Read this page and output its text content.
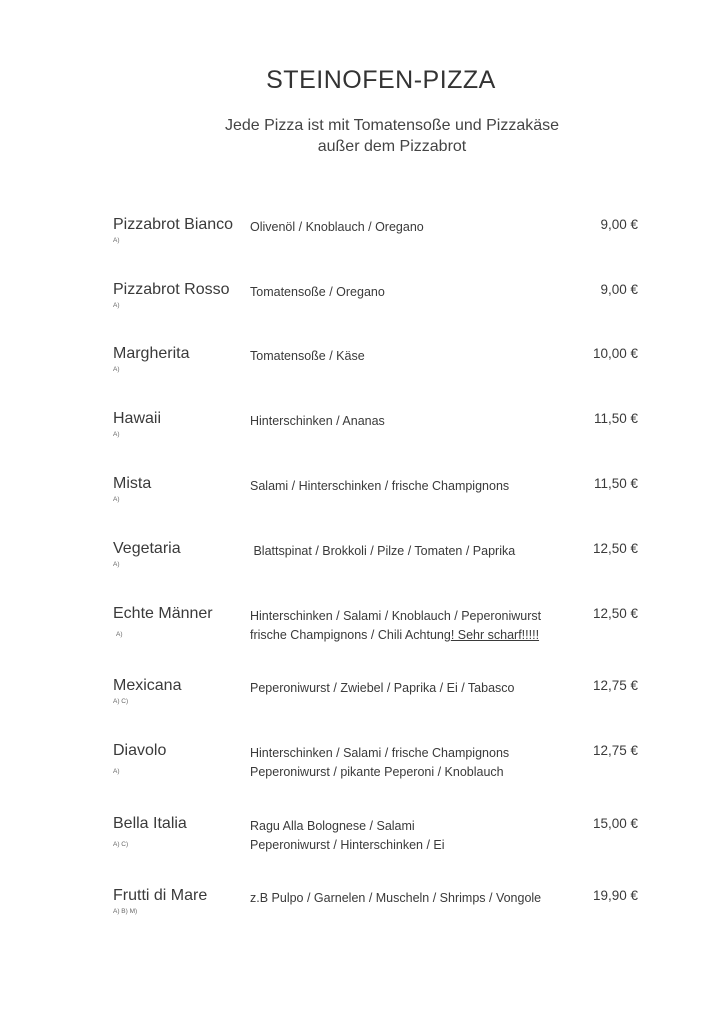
STEINOFEN-PIZZA
Jede Pizza ist mit Tomatensoße und Pizzakäse
außer dem Pizzabrot
Pizzabrot Bianco
A)
Olivenöl / Knoblauch / Oregano	9,00 €
Pizzabrot Rosso
A)
Tomatensoße / Oregano	9,00 €
Margherita
A)
Tomatensoße / Käse	10,00 €
Hawaii
A)
Hinterschinken / Ananas	11,50 €
Mista
A)
Salami / Hinterschinken / frische Champignons	11,50 €
Vegetaria
A)
Blattspinat / Brokkoli / Pilze / Tomaten / Paprika	12,50 €
Echte Männer
A)
Hinterschinken / Salami / Knoblauch / Peperoniwurst
frische Champignons / Chili Achtung! Sehr scharf!!!!!
12,50 €
Mexicana
A) C)
Peperoniwurst / Zwiebel / Paprika / Ei / Tabasco	12,75 €
Diavolo
A)
Hinterschinken / Salami / frische Champignons
Peperoniwurst / pikante Peperoni / Knoblauch
12,75 €
Bella Italia
A) C)
Ragu Alla Bolognese / Salami
Peperoniwurst / Hinterschinken / Ei
15,00 €
Frutti di Mare
A) B) M)
z.B Pulpo / Garnelen / Muscheln / Shrimps / Vongole	19,90 €
